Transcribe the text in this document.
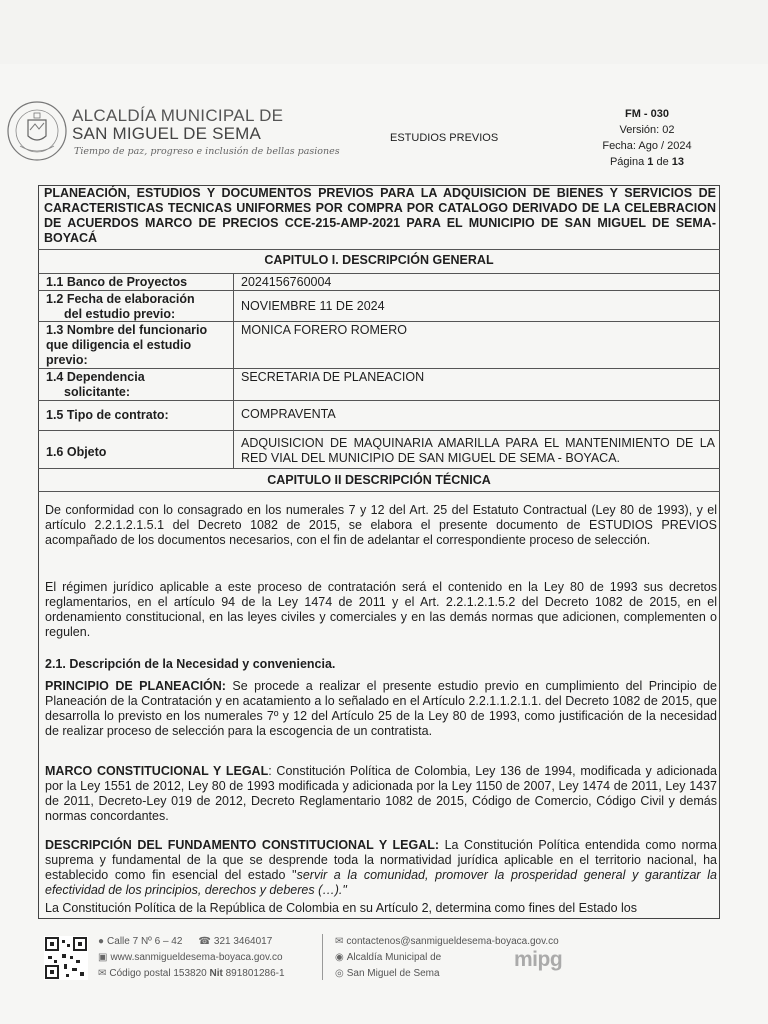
ALCALDÍA MUNICIPAL DE
SAN MIGUEL DE SEMA
Tiempo de paz, progreso e inclusión de bellas pasiones
ESTUDIOS PREVIOS
FM - 030
Versión: 02
Fecha: Ago / 2024
Página 1 de 13
PLANEACIÓN, ESTUDIOS Y DOCUMENTOS PREVIOS PARA LA ADQUISICION DE BIENES Y SERVICIOS DE CARACTERISTICAS TECNICAS UNIFORMES POR COMPRA POR CATALOGO DERIVADO DE LA CELEBRACION DE ACUERDOS MARCO DE PRECIOS CCE-215-AMP-2021 PARA EL MUNICIPIO DE SAN MIGUEL DE SEMA- BOYACÁ
CAPITULO I. DESCRIPCIÓN GENERAL
1.1 Banco de Proyectos	2024156760004
1.2 Fecha de elaboración
del estudio previo:
NOVIEMBRE 11 DE 2024
1.3 Nombre del funcionario
que diligencia el estudio
previo:
MONICA FORERO ROMERO
1.4 Dependencia
solicitante:
SECRETARIA DE PLANEACION
1.5 Tipo de contrato:	COMPRAVENTA
1.6 Objeto
ADQUISICION DE MAQUINARIA AMARILLA PARA EL MANTENIMIENTO DE LA RED VIAL DEL MUNICIPIO DE SAN MIGUEL DE SEMA - BOYACA.
CAPITULO II DESCRIPCIÓN TÉCNICA
De conformidad con lo consagrado en los numerales 7 y 12 del Art. 25 del Estatuto Contractual (Ley 80 de 1993), y el artículo 2.2.1.2.1.5.1 del Decreto 1082 de 2015, se elabora el presente documento de ESTUDIOS PREVIOS acompañado de los documentos necesarios, con el fin de adelantar el correspondiente proceso de selección.
El régimen jurídico aplicable a este proceso de contratación será el contenido en la Ley 80 de 1993 sus decretos reglamentarios, en el artículo 94 de la Ley 1474 de 2011 y el Art. 2.2.1.2.1.5.2 del Decreto 1082 de 2015, en el ordenamiento constitucional, en las leyes civiles y comerciales y en las demás normas que adicionen, complementen o regulen.
2.1. Descripción de la Necesidad y conveniencia.
PRINCIPIO DE PLANEACIÓN: Se procede a realizar el presente estudio previo en cumplimiento del Principio de Planeación de la Contratación y en acatamiento a lo señalado en el Artículo 2.2.1.1.2.1.1. del Decreto 1082 de 2015, que desarrolla lo previsto en los numerales 7º y 12 del Artículo 25 de la Ley 80 de 1993, como justificación de la necesidad de realizar proceso de selección para la escogencia de un contratista.
MARCO CONSTITUCIONAL Y LEGAL: Constitución Política de Colombia, Ley 136 de 1994, modificada y adicionada por la Ley 1551 de 2012, Ley 80 de 1993 modificada y adicionada por la Ley 1150 de 2007, Ley 1474 de 2011, Ley 1437 de 2011, Decreto-Ley 019 de 2012, Decreto Reglamentario 1082 de 2015, Código de Comercio, Código Civil y demás normas concordantes.
DESCRIPCIÓN DEL FUNDAMENTO CONSTITUCIONAL Y LEGAL: La Constitución Política entendida como norma suprema y fundamental de la que se desprende toda la normatividad jurídica aplicable en el territorio nacional, ha establecido como fin esencial del estado "servir a la comunidad, promover la prosperidad general y garantizar la efectividad de los principios, derechos y deberes (…)."
La Constitución Política de la República de Colombia en su Artículo 2, determina como fines del Estado los
● Calle 7 Nº 6 – 42 ☎ 321 3464017
▣ www.sanmigueldesema-boyaca.gov.co
✉ Código postal 153820 Nit 891801286-1
✉ contactenos@sanmigueldesema-boyaca.gov.co
◉ Alcaldía Municipal de
◎ San Miguel de Sema
mipg
